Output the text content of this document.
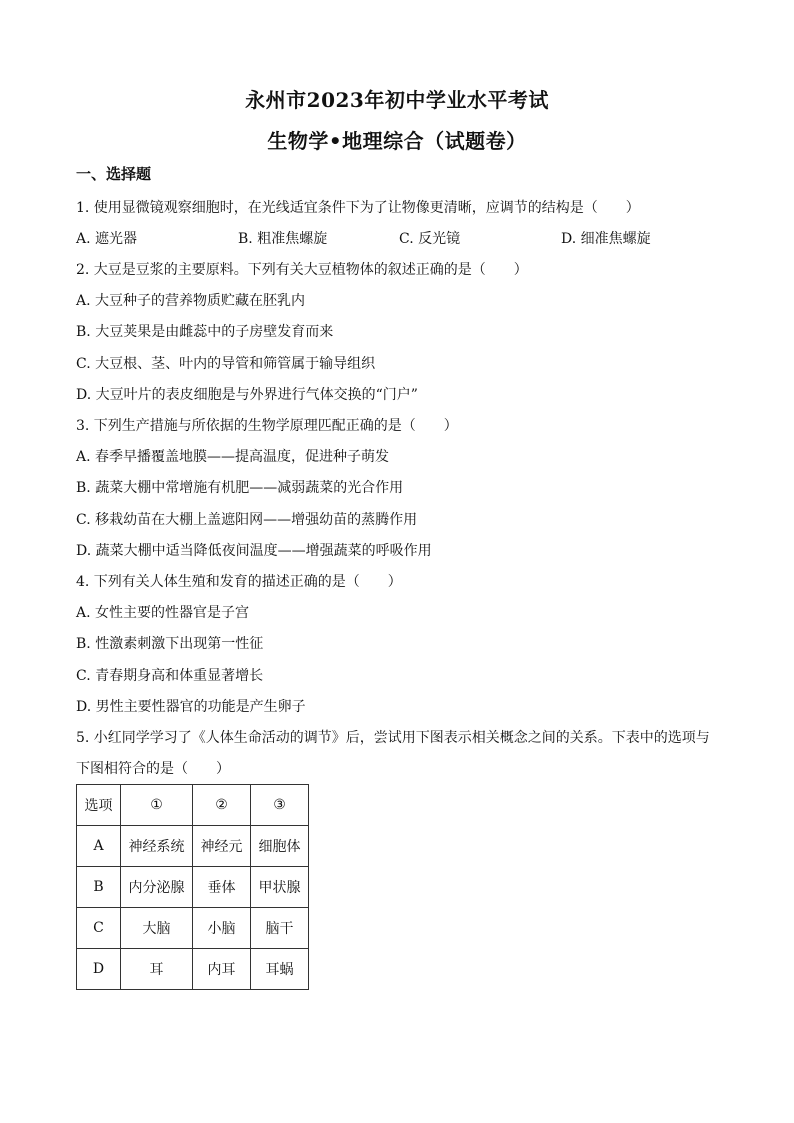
永州市2023年初中学业水平考试
生物学•地理综合（试题卷）
一、选择题
1. 使用显微镜观察细胞时，在光线适宜条件下为了让物像更清晰，应调节的结构是（　　）
A. 遮光器	B. 粗准焦螺旋	C. 反光镜	D. 细准焦螺旋
2. 大豆是豆浆的主要原料。下列有关大豆植物体的叙述正确的是（　　）
A. 大豆种子的营养物质贮藏在胚乳内
B. 大豆荚果是由雌蕊中的子房壁发育而来
C. 大豆根、茎、叶内的导管和筛管属于输导组织
D. 大豆叶片的表皮细胞是与外界进行气体交换的“门户”
3. 下列生产措施与所依据的生物学原理匹配正确的是（　　）
A. 春季早播覆盖地膜——提高温度，促进种子萌发
B. 蔬菜大棚中常增施有机肥——减弱蔬菜的光合作用
C. 移栽幼苗在大棚上盖遮阳网——增强幼苗的蒸腾作用
D. 蔬菜大棚中适当降低夜间温度——增强蔬菜的呼吸作用
4. 下列有关人体生殖和发育的描述正确的是（　　）
A. 女性主要的性器官是子宫
B. 性激素刺激下出现第一性征
C. 青春期身高和体重显著增长
D. 男性主要性器官的功能是产生卵子
5. 小红同学学习了《人体生命活动的调节》后，尝试用下图表示相关概念之间的关系。下表中的选项与
下图相符合的是（　　）
选项	①	②	③
A	神经系统	神经元	细胞体
B	内分泌腺	垂体	甲状腺
C	大脑	小脑	脑干
D	耳	内耳	耳蜗
